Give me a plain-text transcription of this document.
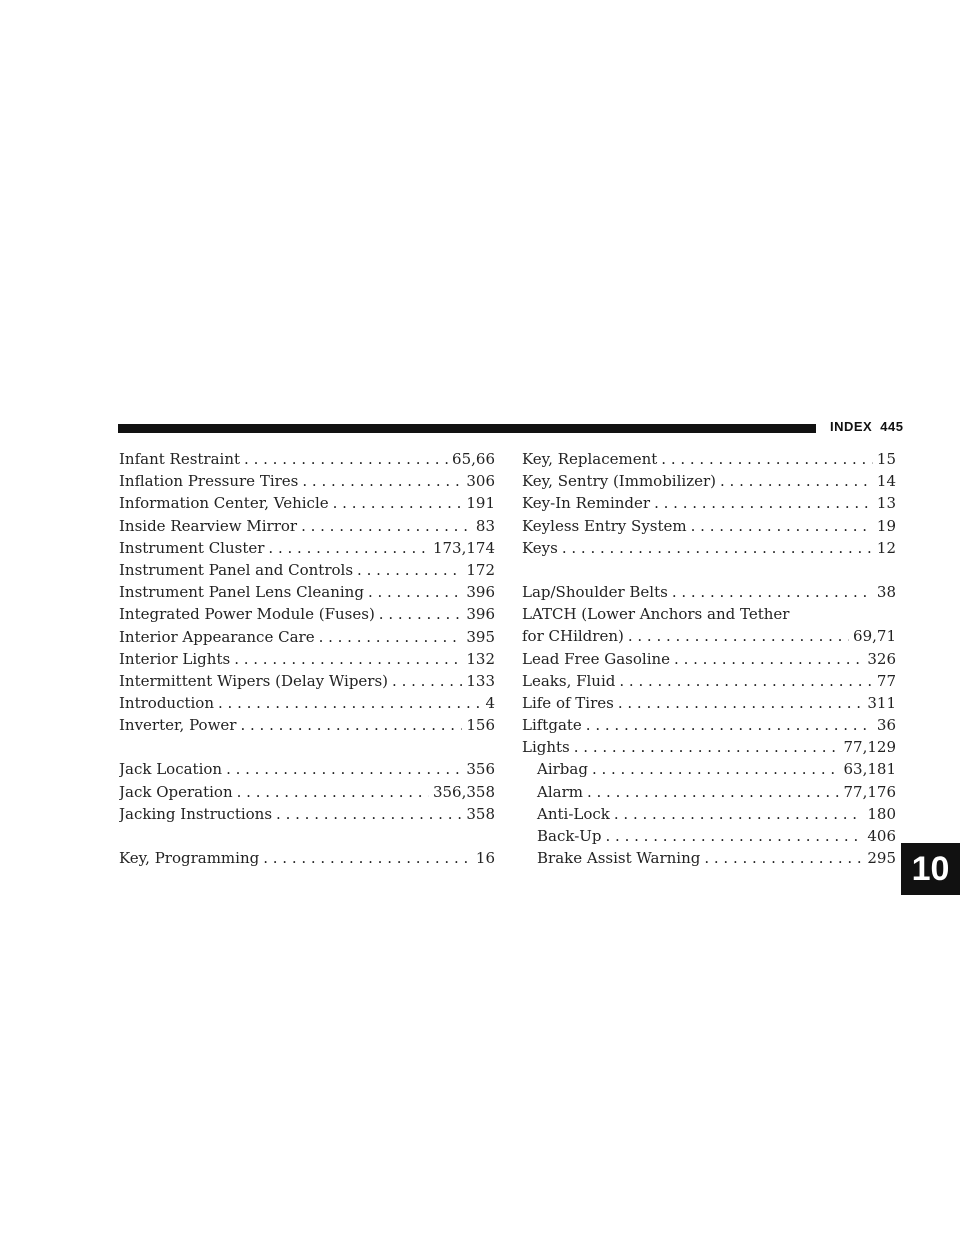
INDEX 445
Infant Restraint . . .	65,66
Inflation Pressure Tires . . .	306
Information Center, Vehicle . . .	191
Inside Rearview Mirror . . .	83
Instrument Cluster . . .	173,174
Instrument Panel and Controls . . .	172
Instrument Panel Lens Cleaning . . .	396
Integrated Power Module (Fuses) . . .	396
Interior Appearance Care . . .	395
Interior Lights . . .	132
Intermittent Wipers (Delay Wipers) . . .	133
Introduction . . .	4
Inverter, Power . . .	156
Jack Location . . .	356
Jack Operation . . .	356,358
Jacking Instructions . . .	358
Key, Programming . . .	16
Key, Replacement . . .	15
Key, Sentry (Immobilizer) . . .	14
Key-In Reminder . . .	13
Keyless Entry System . . .	19
Keys . . .	12
Lap/Shoulder Belts . . .	38
LATCH (Lower Anchors and Tether
for CHildren) . . .	69,71
Lead Free Gasoline . . .	326
Leaks, Fluid . . .	77
Life of Tires . . .	311
Liftgate . . .	36
Lights . . .	77,129
Airbag . . .	63,181
Alarm . . .	77,176
Anti-Lock . . .	180
Back-Up . . .	406
Brake Assist Warning . . .	295 10
